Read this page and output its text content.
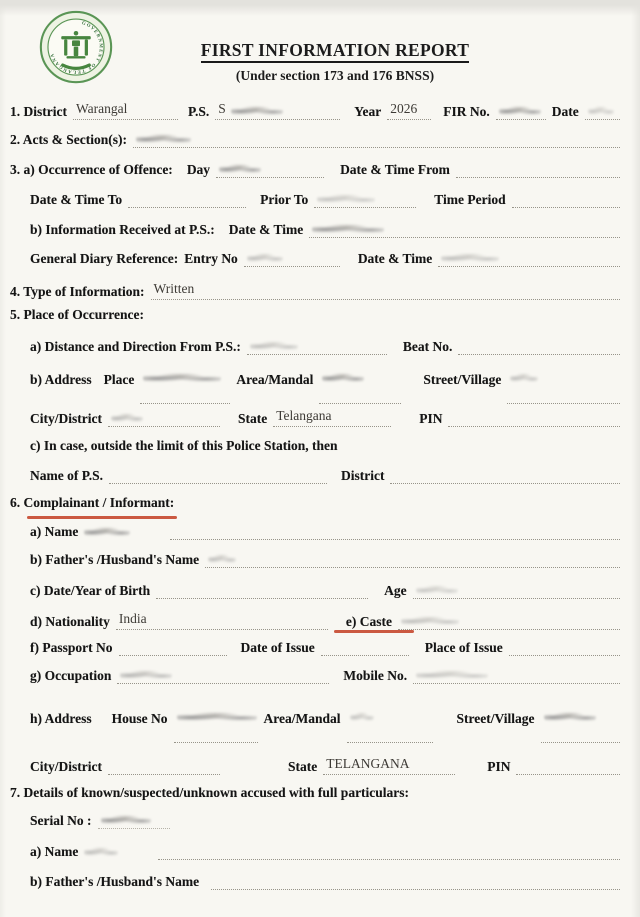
GOVERNMENT OF TELANGANA	FIRST INFORMATION REPORT
(Under section 173 and 176 BNSS)
1. District Warangal	P.S. S	Year 2026 FIR No.	Date
2. Acts & Section(s):
3. a) Occurrence of Offence: Day	Date & Time From
Date & Time To	Prior To	Time Period
b) Information Received at P.S.: Date & Time
General Diary Reference: Entry No	Date & Time
4. Type of Information: Written
5. Place of Occurrence:
a) Distance and Direction From P.S.:	Beat No.
b) Address Place	Area/Mandal	Street/Village
City/District	State Telangana	PIN
c) In case, outside the limit of this Police Station, then
Name of P.S.	District
6. Complainant / Informant:
a) Name
b) Father's /Husband's Name
c) Date/Year of Birth	Age
d) Nationality India	e) Caste
f) Passport No	Date of Issue	Place of Issue
g) Occupation	Mobile No.
h) Address House No	Area/Mandal	Street/Village
City/District	State TELANGANA	PIN
7. Details of known/suspected/unknown accused with full particulars:
Serial No :
a) Name
b) Father's /Husband's Name
